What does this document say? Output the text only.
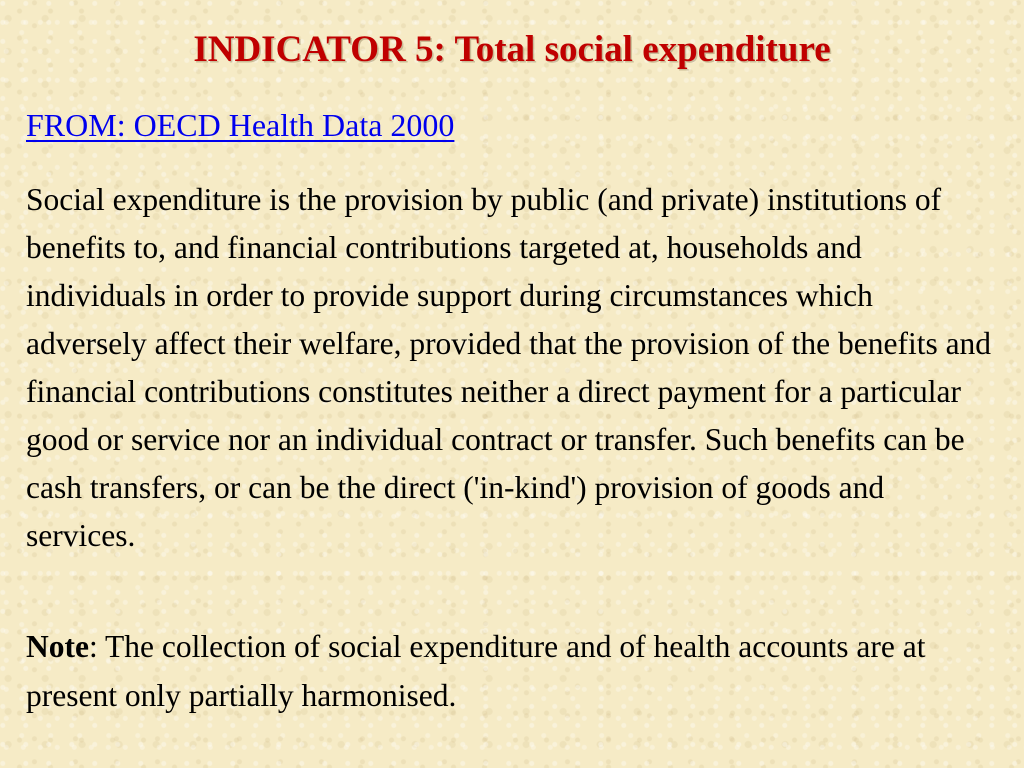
INDICATOR 5: Total social expenditure
FROM: OECD Health Data 2000

Social expenditure is the provision by public (and private) institutions of benefits to, and financial contributions targeted at, households and individuals in order to provide support during circumstances which adversely affect their welfare, provided that the provision of the benefits and financial contributions constitutes neither a direct payment for a particular good or service nor an individual contract or transfer. Such benefits can be cash transfers, or can be the direct ('in-kind') provision of goods and services.

Note: The collection of social expenditure and of health accounts are at present only partially harmonised.
